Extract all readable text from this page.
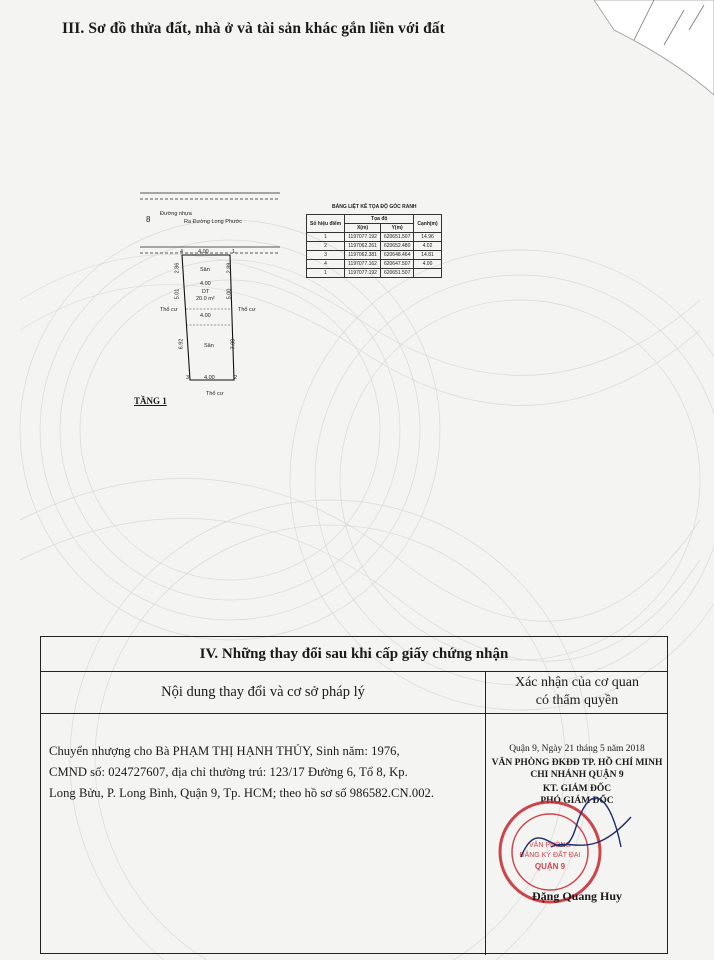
III. Sơ đồ thửa đất, nhà ở và tài sản khác gắn liền với đất
8
Đường nhựa
Ra Đường Long Phước
4.00
4	1
Sân
4.00
DT
20.0 m²
4.00
Sân
4.00
3	2
2.86
5.01
6.92
2.89
5.00
7.00
Thổ cư	Thổ cư
Thổ cư
TẦNG 1
BẢNG LIỆT KÊ TỌA ĐỘ GÓC RANH
Số hiệu điểm	Tọa độ		Cạnh(m)
	X(m)	Y(m)	
1	1197077.192	620651.507	14.96
2	1197062.261	620652.480	4.02
3	1197062.381	620648.464	14.81
4	1197077.162	620647.507	4.00
1	1197077.192	620651.507	
IV. Những thay đổi sau khi cấp giấy chứng nhận
Nội dung thay đổi và cơ sở pháp lý
Xác nhận của cơ quan
có thẩm quyền
Chuyển nhượng cho Bà PHẠM THỊ HẠNH THỦY, Sinh năm: 1976,
CMND số: 024727607, địa chỉ thường trú: 123/17 Đường 6, Tổ 8, Kp.
Long Bửu, P. Long Bình, Quận 9, Tp. HCM; theo hồ sơ số 986582.CN.002.
Quận 9, Ngày 21 tháng 5 năm 2018
VĂN PHÒNG ĐKĐĐ TP. HỒ CHÍ MINH
CHI NHÁNH QUẬN 9
KT. GIÁM ĐỐC
PHÓ GIÁM ĐỐC
VĂN PHÒNG
ĐĂNG KÝ ĐẤT ĐAI
QUẬN 9
Đặng Quang Huy
